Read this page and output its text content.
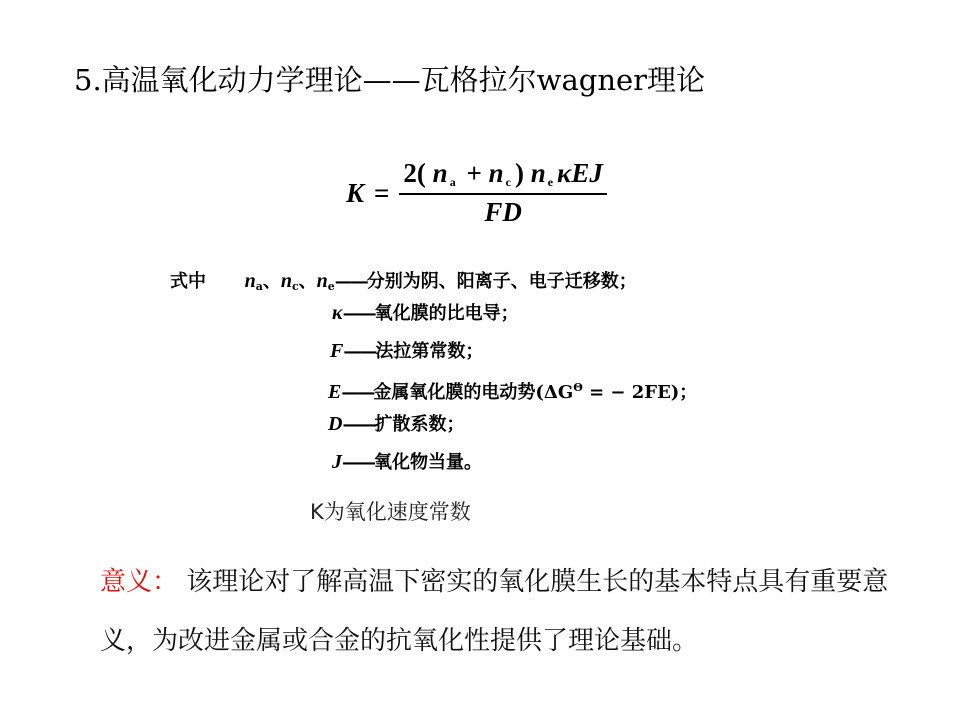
5.高温氧化动力学理论——瓦格拉尔wagner理论
$K = \frac{2( n _a + n _c ) n _e \kappa EJ}{FD}$
式中 na、nc、ne——分别为阴、阳离子、电子迁移数；
κ——氧化膜的比电导；
F——法拉第常数；
E——金属氧化膜的电动势($\Delta G^\Theta$ = − 2FE)；
D——扩散系数；
J——氧化物当量。
K为氧化速度常数
意义： 该理论对了解高温下密实的氧化膜生长的基本特点具有重要意义，为改进金属或合金的抗氧化性提供了理论基础。
